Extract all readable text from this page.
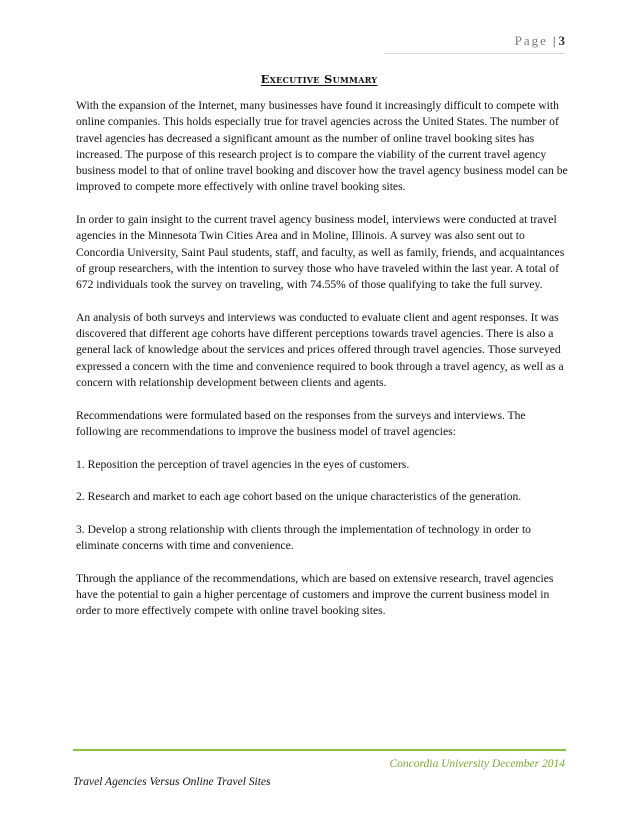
Page | 3
Executive Summary

With the expansion of the Internet, many businesses have found it increasingly difficult to compete with online companies. This holds especially true for travel agencies across the United States. The number of travel agencies has decreased a significant amount as the number of online travel booking sites has increased. The purpose of this research project is to compare the viability of the current travel agency business model to that of online travel booking and discover how the travel agency business model can be improved to compete more effectively with online travel booking sites.

In order to gain insight to the current travel agency business model, interviews were conducted at travel agencies in the Minnesota Twin Cities Area and in Moline, Illinois. A survey was also sent out to Concordia University, Saint Paul students, staff, and faculty, as well as family, friends, and acquaintances of group researchers, with the intention to survey those who have traveled within the last year. A total of 672 individuals took the survey on traveling, with 74.55% of those qualifying to take the full survey.

An analysis of both surveys and interviews was conducted to evaluate client and agent responses. It was discovered that different age cohorts have different perceptions towards travel agencies. There is also a general lack of knowledge about the services and prices offered through travel agencies. Those surveyed expressed a concern with the time and convenience required to book through a travel agency, as well as a concern with relationship development between clients and agents.

Recommendations were formulated based on the responses from the surveys and interviews. The following are recommendations to improve the business model of travel agencies:

1. Reposition the perception of travel agencies in the eyes of customers.

2. Research and market to each age cohort based on the unique characteristics of the generation.

3. Develop a strong relationship with clients through the implementation of technology in order to eliminate concerns with time and convenience.

Through the appliance of the recommendations, which are based on extensive research, travel agencies have the potential to gain a higher percentage of customers and improve the current business model in order to more effectively compete with online travel booking sites.

Concordia University December 2014
Travel Agencies Versus Online Travel Sites
